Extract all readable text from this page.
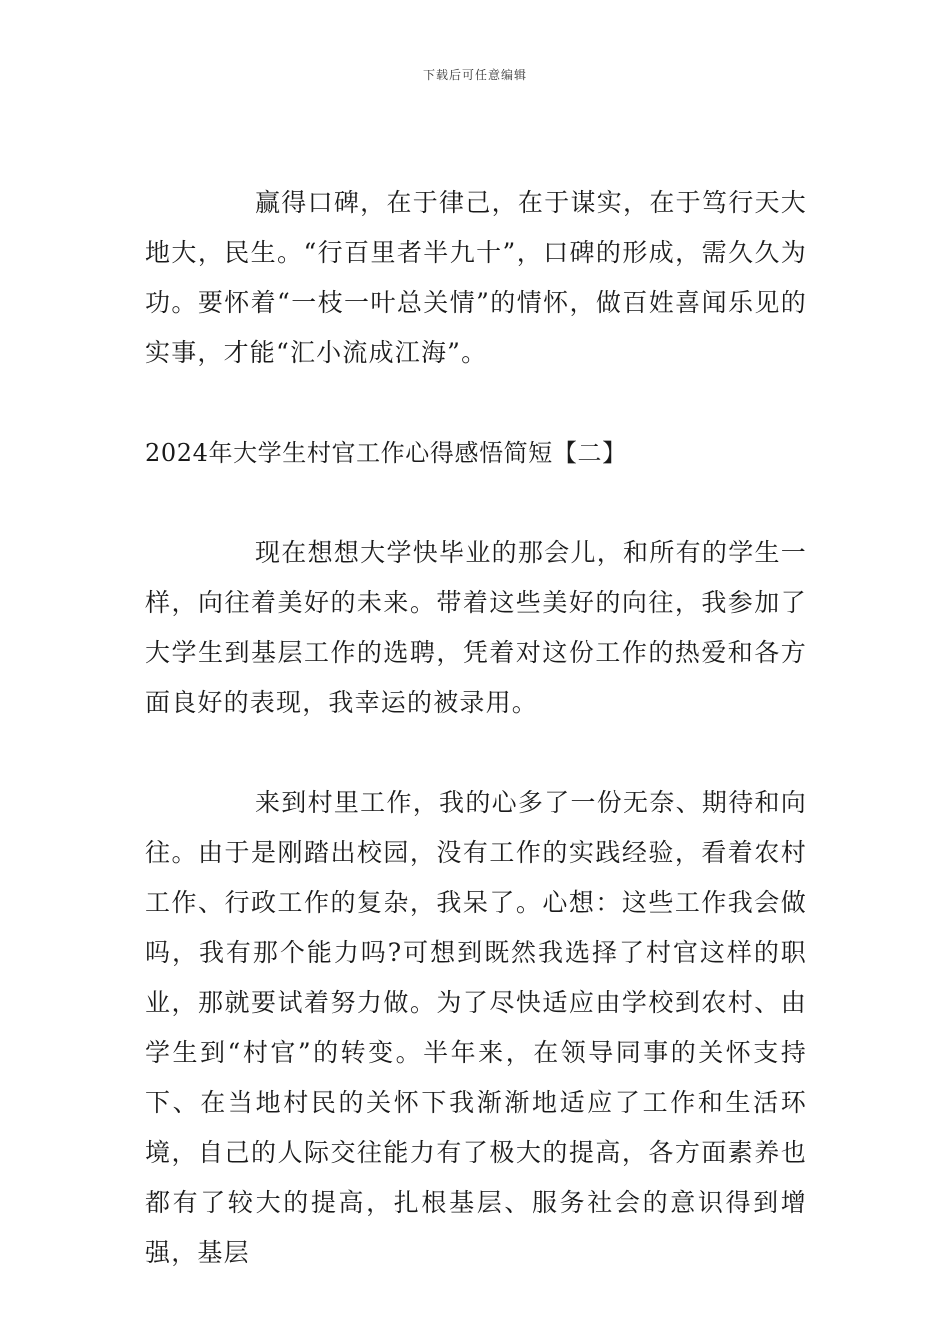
下载后可任意编辑

赢得口碑，在于律己，在于谋实，在于笃行天大地大，民生。“行百里者半九十”，口碑的形成，需久久为功。要怀着“一枝一叶总关情”的情怀，做百姓喜闻乐见的实事，才能“汇小流成江海”。

2024年大学生村官工作心得感悟简短【二】

现在想想大学快毕业的那会儿，和所有的学生一样，向往着美好的未来。带着这些美好的向往，我参加了大学生到基层工作的选聘，凭着对这份工作的热爱和各方面良好的表现，我幸运的被录用。

来到村里工作，我的心多了一份无奈、期待和向往。由于是刚踏出校园，没有工作的实践经验，看着农村工作、行政工作的复杂，我呆了。心想：这些工作我会做吗，我有那个能力吗?可想到既然我选择了村官这样的职业，那就要试着努力做。为了尽快适应由学校到农村、由学生到“村官”的转变。半年来，在领导同事的关怀支持下、在当地村民的关怀下我渐渐地适应了工作和生活环境，自己的人际交往能力有了极大的提高，各方面素养也都有了较大的提高，扎根基层、服务社会的意识得到增强，基层
